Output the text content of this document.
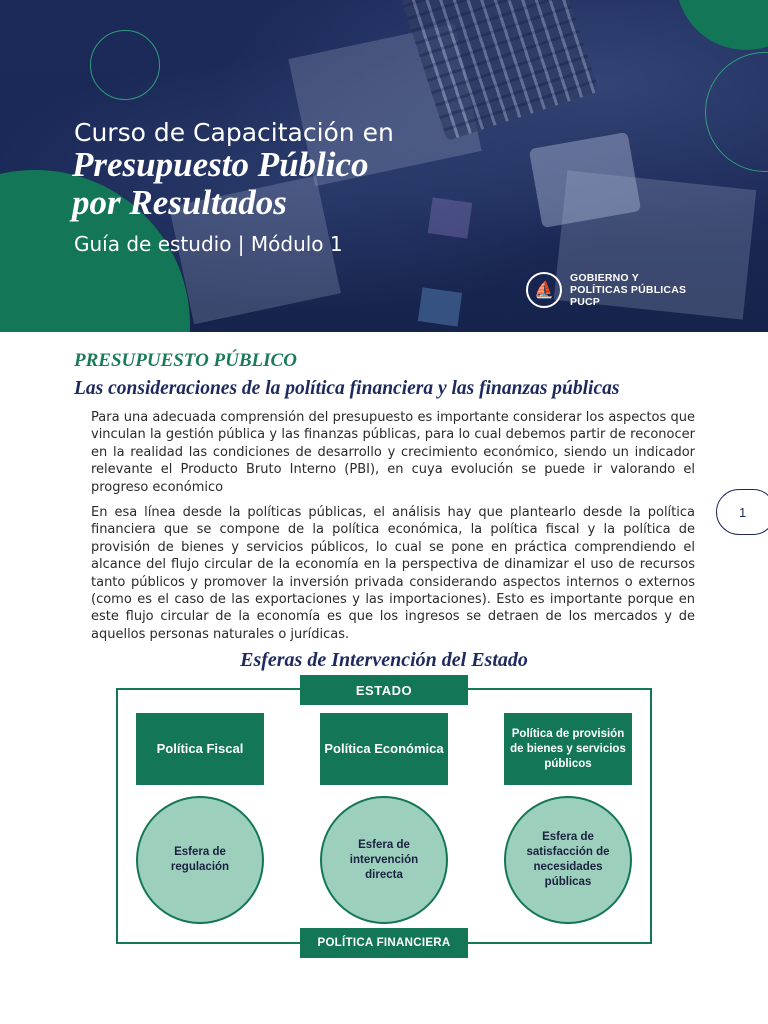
Curso de Capacitación en
Presupuesto Público
por Resultados
Guía de estudio | Módulo 1
⛵
GOBIERNO Y
POLÍTICAS PÚBLICAS
PUCP
PRESUPUESTO PÚBLICO
Las consideraciones de la política financiera y las finanzas públicas

Para una adecuada comprensión del presupuesto es importante considerar los aspectos que vinculan la gestión pública y las finanzas públicas, para lo cual debemos partir de reconocer en la realidad las condiciones de desarrollo y crecimiento económico, siendo un indicador relevante el Producto Bruto Interno (PBI), en cuya evolución se puede ir valorando el progreso económico

En esa línea desde la políticas públicas, el análisis hay que plantearlo desde la política financiera que se compone de la política económica, la política fiscal y la política de provisión de bienes y servicios públicos, lo cual se pone en práctica comprendiendo el alcance del flujo circular de la economía en la perspectiva de dinamizar el uso de recursos tanto públicos y promover la inversión privada considerando aspectos internos o externos (como es el caso de las exportaciones y las importaciones). Esto es importante porque en este flujo circular de la economía es que los ingresos se detraen de los mercados y de aquellos personas naturales o jurídicas.

1
Esferas de Intervención del Estado
ESTADO
POLÍTICA FINANCIERA
Política Fiscal	Política Económica
Política de provisión de bienes y servicios públicos
Esfera de regulación
Esfera de intervención directa
Esfera de satisfacción de necesidades públicas
